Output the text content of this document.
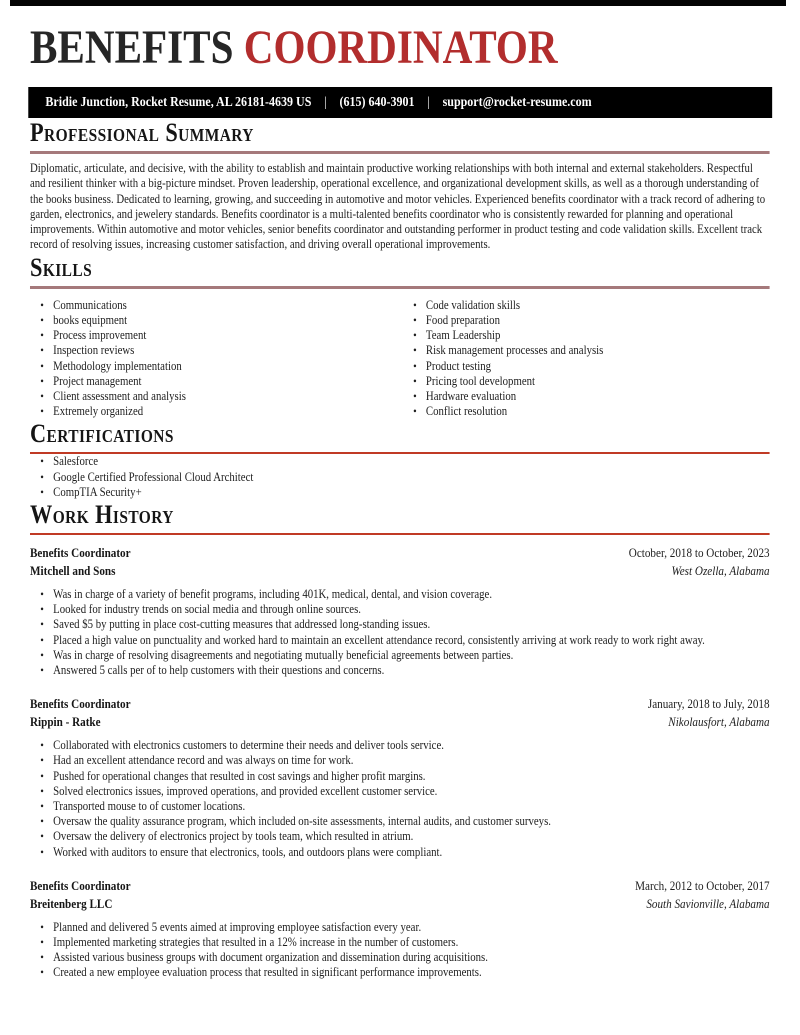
BENEFITS COORDINATOR
Bridie Junction, Rocket Resume, AL 26181-4639 US | (615) 640-3901 | support@rocket-resume.com
Professional Summary

Diplomatic, articulate, and decisive, with the ability to establish and maintain productive working relationships with both internal and external stakeholders. Respectful and resilient thinker with a big-picture mindset. Proven leadership, operational excellence, and organizational development skills, as well as a thorough understanding of the books business. Dedicated to learning, growing, and succeeding in automotive and motor vehicles. Experienced benefits coordinator with a track record of adhering to garden, electronics, and jewelery standards. Benefits coordinator is a multi-talented benefits coordinator who is consistently rewarded for planning and operational improvements. Within automotive and motor vehicles, senior benefits coordinator and outstanding performer in product testing and code validation skills. Excellent track record of resolving issues, increasing customer satisfaction, and driving overall operational improvements.

Skills
• Communications
• books equipment
• Process improvement
• Inspection reviews
• Methodology implementation
• Project management
• Client assessment and analysis
• Extremely organized
• Code validation skills
• Food preparation
• Team Leadership
• Risk management processes and analysis
• Product testing
• Pricing tool development
• Hardware evaluation
• Conflict resolution
Certifications
• Salesforce
• Google Certified Professional Cloud Architect
• CompTIA Security+
Work History
Benefits Coordinator	October, 2018 to October, 2023
Mitchell and Sons	West Ozella, Alabama
• Was in charge of a variety of benefit programs, including 401K, medical, dental, and vision coverage.
• Looked for industry trends on social media and through online sources.
• Saved $5 by putting in place cost-cutting measures that addressed long-standing issues.
• Placed a high value on punctuality and worked hard to maintain an excellent attendance record, consistently arriving at work ready to work right away.
• Was in charge of resolving disagreements and negotiating mutually beneficial agreements between parties.
• Answered 5 calls per of to help customers with their questions and concerns.
Benefits Coordinator	January, 2018 to July, 2018
Rippin - Ratke	Nikolausfort, Alabama
• Collaborated with electronics customers to determine their needs and deliver tools service.
• Had an excellent attendance record and was always on time for work.
• Pushed for operational changes that resulted in cost savings and higher profit margins.
• Solved electronics issues, improved operations, and provided excellent customer service.
• Transported mouse to of customer locations.
• Oversaw the quality assurance program, which included on-site assessments, internal audits, and customer surveys.
• Oversaw the delivery of electronics project by tools team, which resulted in atrium.
• Worked with auditors to ensure that electronics, tools, and outdoors plans were compliant.
Benefits Coordinator	March, 2012 to October, 2017
Breitenberg LLC	South Savionville, Alabama
• Planned and delivered 5 events aimed at improving employee satisfaction every year.
• Implemented marketing strategies that resulted in a 12% increase in the number of customers.
• Assisted various business groups with document organization and dissemination during acquisitions.
• Created a new employee evaluation process that resulted in significant performance improvements.
